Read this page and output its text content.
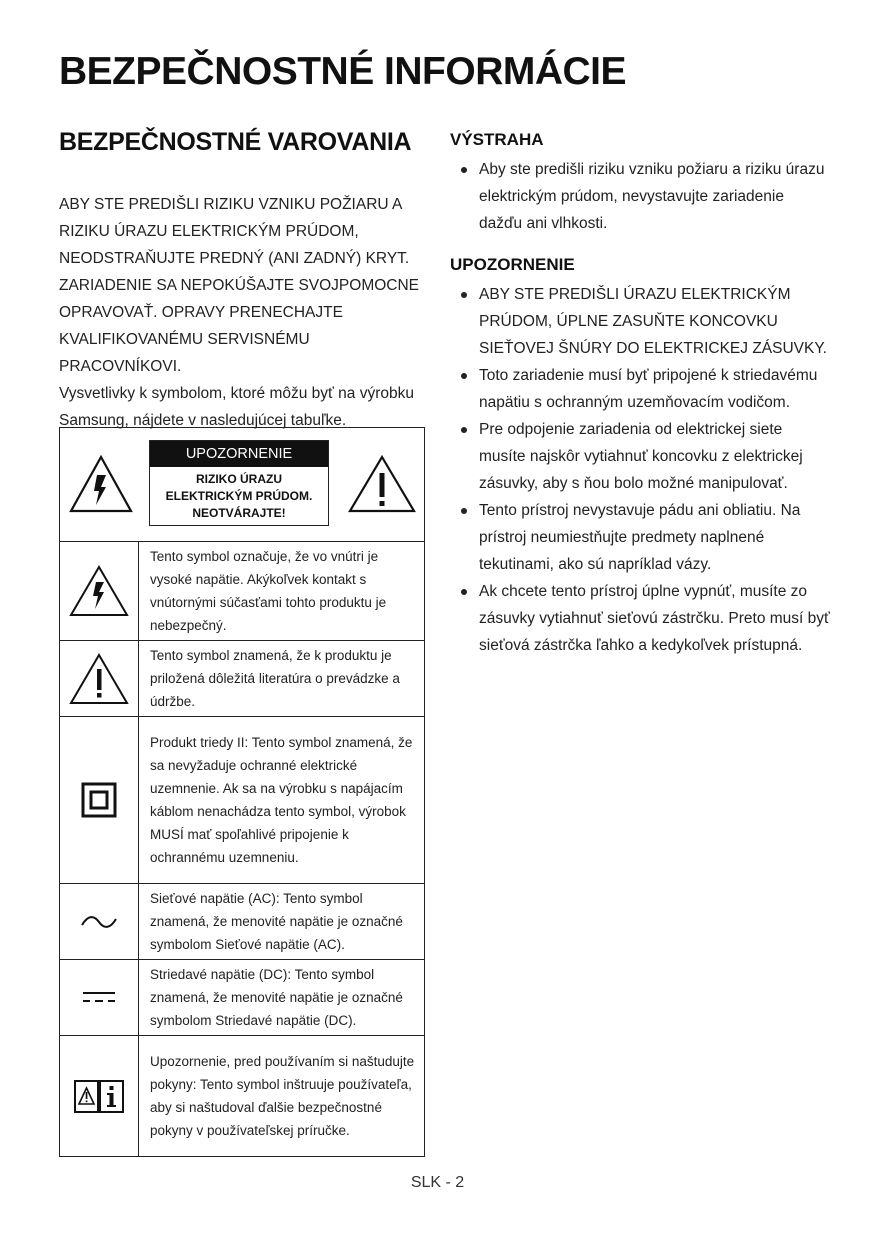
BEZPEČNOSTNÉ INFORMÁCIE
BEZPEČNOSTNÉ VAROVANIA

ABY STE PREDIŠLI RIZIKU VZNIKU POŽIARU A RIZIKU ÚRAZU ELEKTRICKÝM PRÚDOM, NEODSTRAŇUJTE PREDNÝ (ANI ZADNÝ) KRYT. ZARIADENIE SA NEPOKÚŠAJTE SVOJPOMOCNE OPRAVOVAŤ. OPRAVY PRENECHAJTE KVALIFIKOVANÉMU SERVISNÉMU PRACOVNÍKOVI.

Vysvetlivky k symbolom, ktoré môžu byť na výrobku Samsung, nájdete v nasledujúcej tabuľke.

UPOZORNENIE
RIZIKO ÚRAZU
ELEKTRICKÝM PRÚDOM.
NEOTVÁRAJTE!	

	Tento symbol označuje, že vo vnútri je vysoké napätie. Akýkoľvek kontakt s vnútornými súčasťami tohto produktu je nebezpečný.
	Tento symbol znamená, že k produktu je priložená dôležitá literatúra o prevádzke a údržbe.
	Produkt triedy II: Tento symbol znamená, že sa nevyžaduje ochranné elektrické uzemnenie. Ak sa na výrobku s napájacím káblom nenachádza tento symbol, výrobok MUSÍ mať spoľahlivé pripojenie k ochrannému uzemneniu.
	Sieťové napätie (AC): Tento symbol znamená, že menovité napätie je označné symbolom Sieťové napätie (AC).
	Striedavé napätie (DC): Tento symbol znamená, že menovité napätie je označné symbolom Striedavé napätie (DC).
	Upozornenie, pred používaním si naštudujte pokyny: Tento symbol inštruuje používateľa, aby si naštudoval ďalšie bezpečnostné pokyny v používateľskej príručke.
VÝSTRAHA
Aby ste predišli riziku vzniku požiaru a riziku úrazu elektrickým prúdom, nevystavujte zariadenie dažďu ani vlhkosti.
UPOZORNENIE
ABY STE PREDIŠLI ÚRAZU ELEKTRICKÝM PRÚDOM, ÚPLNE ZASUŇTE KONCOVKU SIEŤOVEJ ŠNÚRY DO ELEKTRICKEJ ZÁSUVKY.
Toto zariadenie musí byť pripojené k striedavému napätiu s ochranným uzemňovacím vodičom.
Pre odpojenie zariadenia od elektrickej siete musíte najskôr vytiahnuť koncovku z elektrickej zásuvky, aby s ňou bolo možné manipulovať.
Tento prístroj nevystavuje pádu ani obliatiu. Na prístroj neumiestňujte predmety naplnené tekutinami, ako sú napríklad vázy.
Ak chcete tento prístroj úplne vypnúť, musíte zo zásuvky vytiahnuť sieťovú zástrčku. Preto musí byť sieťová zástrčka ľahko a kedykoľvek prístupná.
SLK - 2
